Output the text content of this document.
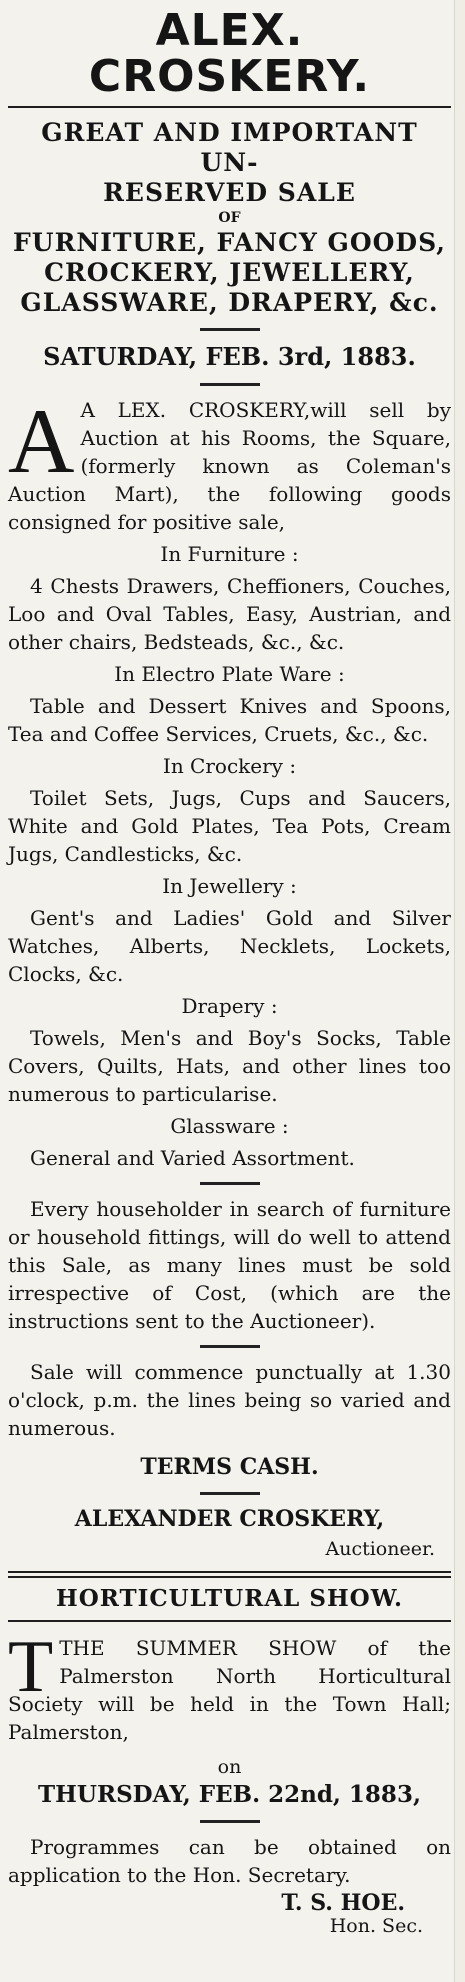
ALEX. CROSKERY.
GREAT AND IMPORTANT UN-
RESERVED SALE
OF
FURNITURE, FANCY GOODS,
CROCKERY, JEWELLERY,
GLASSWARE, DRAPERY, &c.
SATURDAY, FEB. 3rd, 1883.
A A LEX. CROSKERY,will sell by Auction at his Rooms, the Square, (formerly known as Coleman's Auction Mart), the following goods consigned for positive sale,
In Furniture :
4 Chests Drawers, Cheffioners, Couches, Loo and Oval Tables, Easy, Austrian, and other chairs, Bedsteads, &c., &c.
In Electro Plate Ware :
Table and Dessert Knives and Spoons, Tea and Coffee Services, Cruets, &c., &c.
In Crockery :
Toilet Sets, Jugs, Cups and Saucers, White and Gold Plates, Tea Pots, Cream Jugs, Candlesticks, &c.
In Jewellery :
Gent's and Ladies' Gold and Silver Watches, Alberts, Necklets, Lockets, Clocks, &c.
Drapery :
Towels, Men's and Boy's Socks, Table Covers, Quilts, Hats, and other lines too numerous to particularise.
Glassware :
General and Varied Assortment.
Every householder in search of furniture or household fittings, will do well to attend this Sale, as many lines must be sold irrespective of Cost, (which are the instructions sent to the Auctioneer).
Sale will commence punctually at 1.30 o'clock, p.m. the lines being so varied and numerous.
TERMS CASH.
ALEXANDER CROSKERY,
Auctioneer.
HORTICULTURAL SHOW.
T THE SUMMER SHOW of the Palmerston North Horticultural Society will be held in the Town Hall; Palmerston,
on
THURSDAY, FEB. 22nd, 1883,
Programmes can be obtained on application to the Hon. Secretary.
T. S. HOE.
Hon. Sec.
